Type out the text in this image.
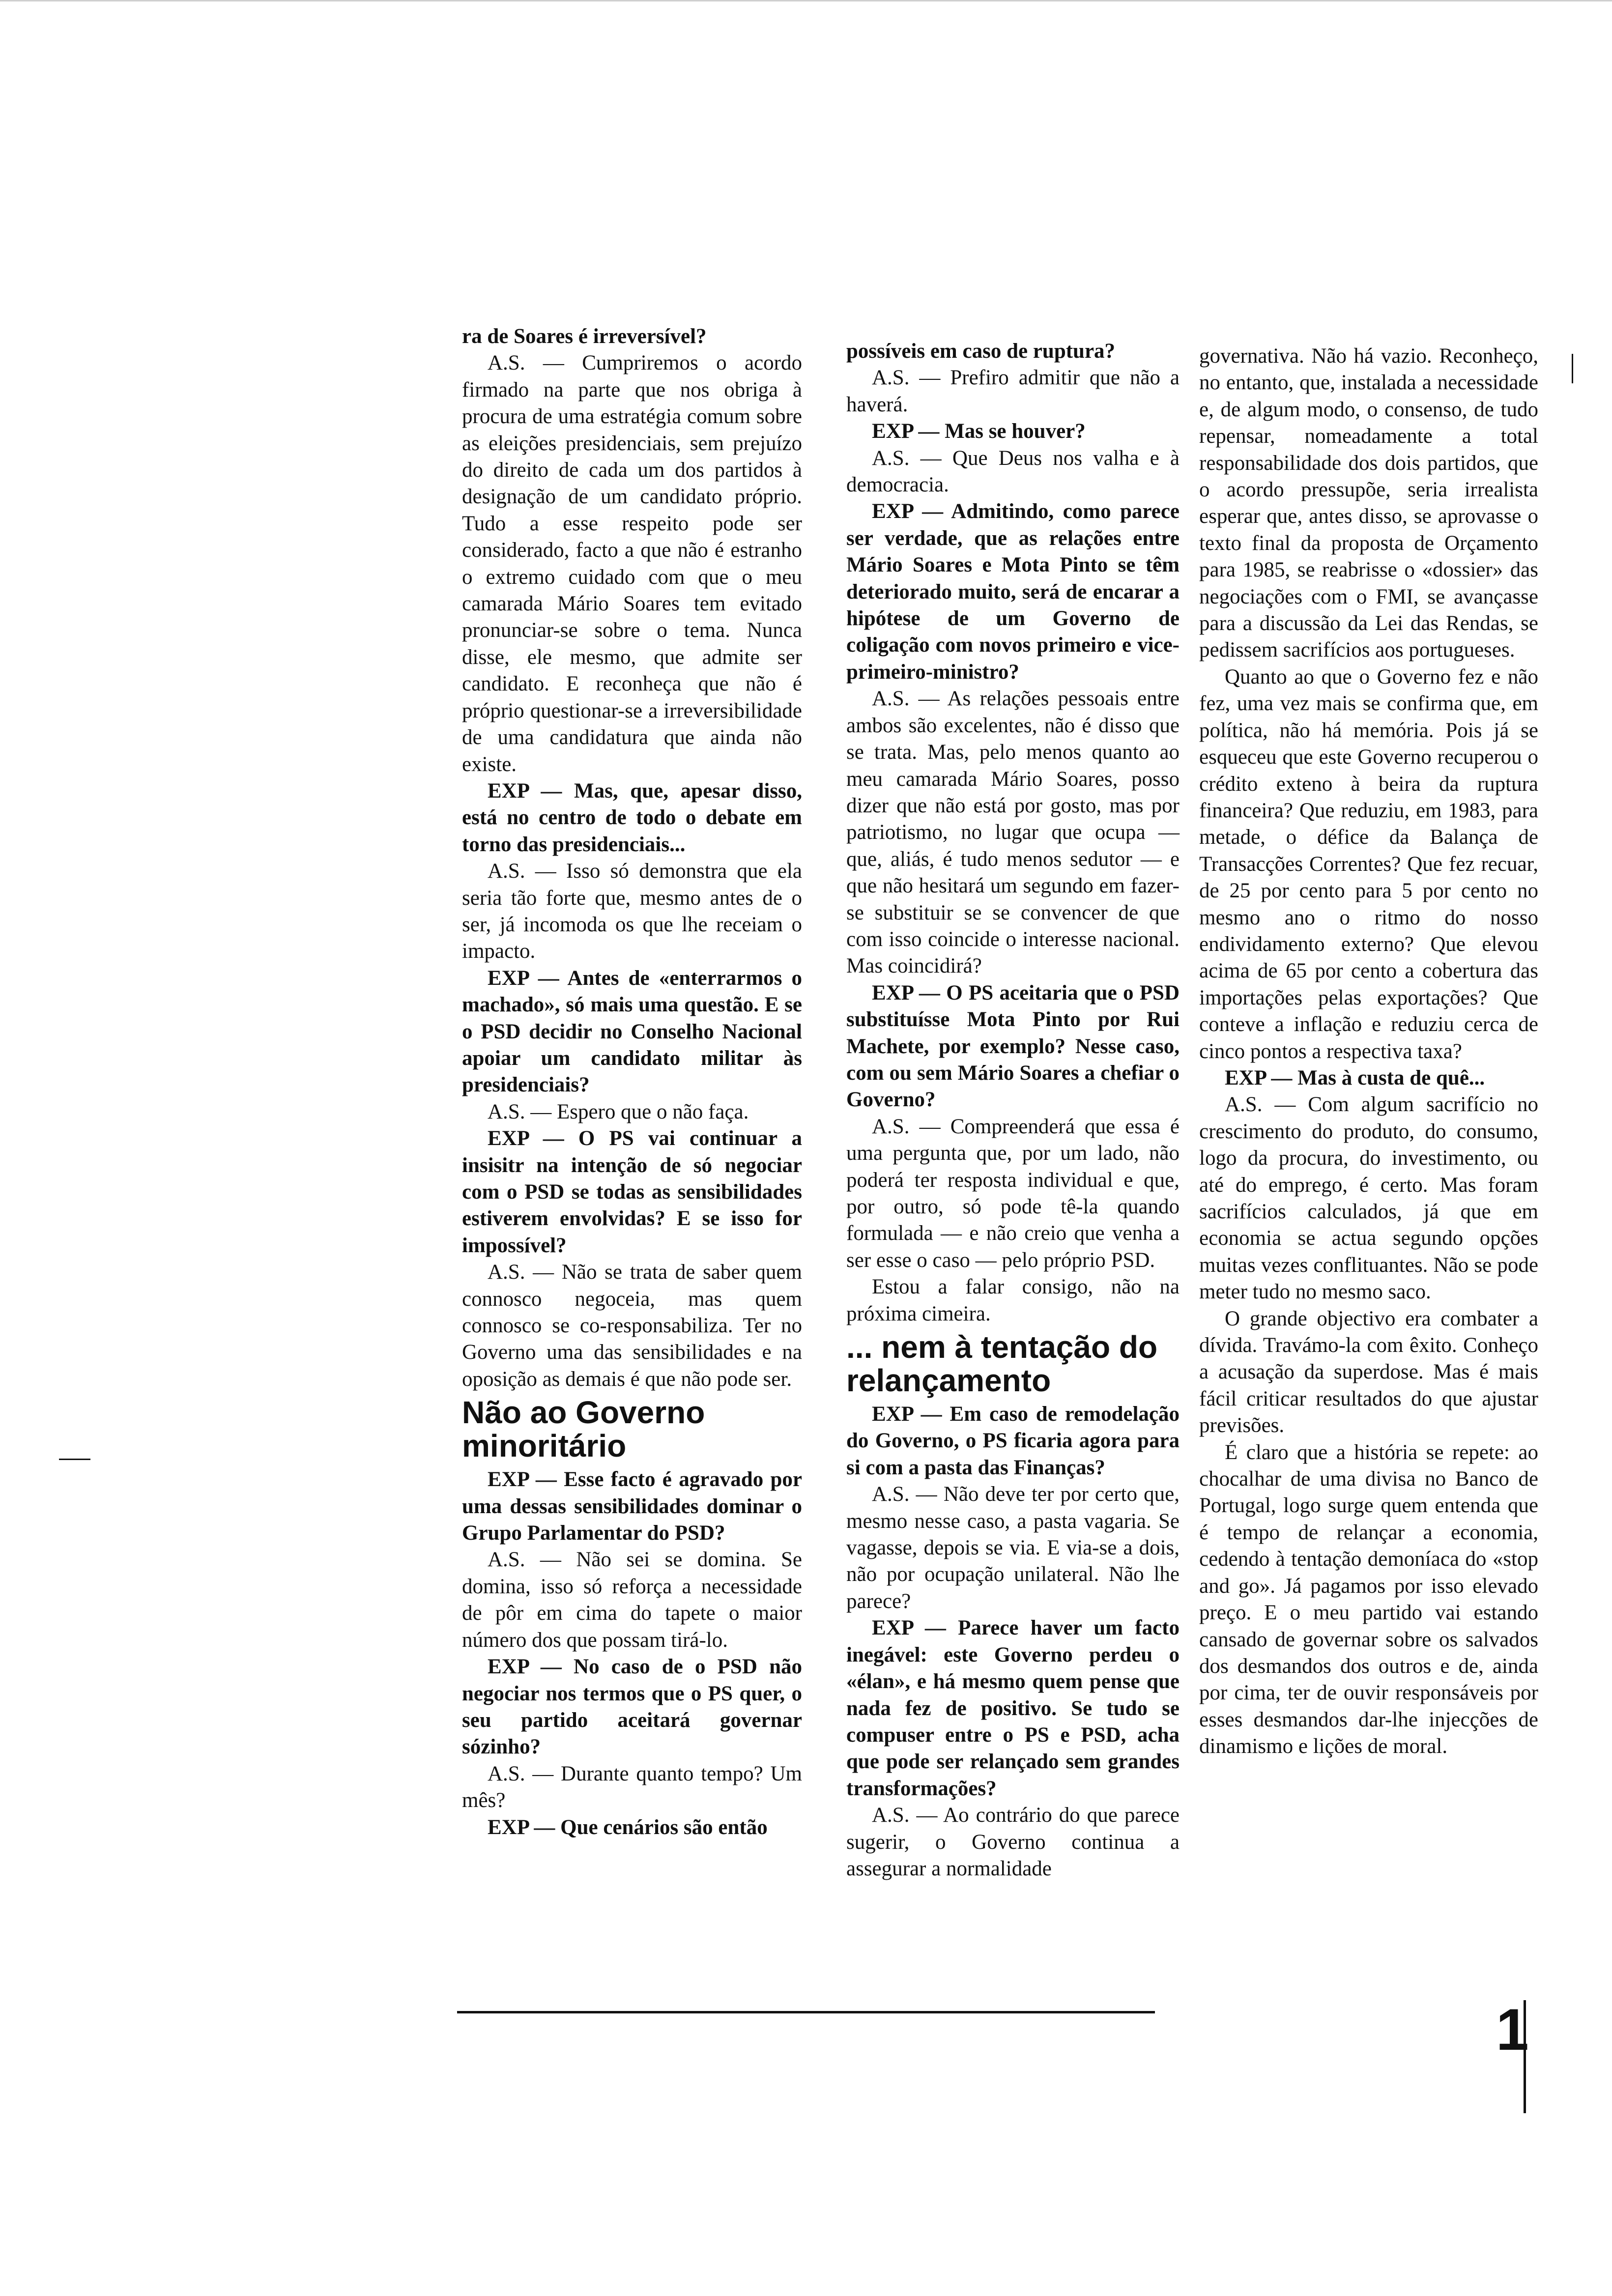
ra de Soares é irreversível?

A.S. — Cumpriremos o acordo firmado na parte que nos obriga à procura de uma estratégia comum sobre as eleições presidenciais, sem prejuízo do direito de cada um dos partidos à designação de um candidato próprio. Tudo a esse respeito pode ser considerado, facto a que não é estranho o extremo cuidado com que o meu camarada Mário Soares tem evitado pronunciar-se sobre o tema. Nunca disse, ele mesmo, que admite ser candidato. E reconheça que não é próprio questionar-se a irreversibilidade de uma candidatura que ainda não existe.

EXP — Mas, que, apesar disso, está no centro de todo o debate em torno das presidenciais...

A.S. — Isso só demonstra que ela seria tão forte que, mesmo antes de o ser, já incomoda os que lhe receiam o impacto.

EXP — Antes de «enterrarmos o machado», só mais uma questão. E se o PSD decidir no Conselho Nacional apoiar um candidato militar às presidenciais?

A.S. — Espero que o não faça.

EXP — O PS vai continuar a insisitr na intenção de só negociar com o PSD se todas as sensibilidades estiverem envolvidas? E se isso for impossível?

A.S. — Não se trata de saber quem connosco negoceia, mas quem connosco se co-responsabiliza. Ter no Governo uma das sensibilidades e na oposição as demais é que não pode ser.

Não ao Governo minoritário

EXP — Esse facto é agravado por uma dessas sensibilidades dominar o Grupo Parlamentar do PSD?

A.S. — Não sei se domina. Se domina, isso só reforça a necessidade de pôr em cima do tapete o maior número dos que possam tirá-lo.

EXP — No caso de o PSD não negociar nos termos que o PS quer, o seu partido aceitará governar sózinho?

A.S. — Durante quanto tempo? Um mês?

EXP — Que cenários são então

possíveis em caso de ruptura?

A.S. — Prefiro admitir que não a haverá.

EXP — Mas se houver?

A.S. — Que Deus nos valha e à democracia.

EXP — Admitindo, como parece ser verdade, que as relações entre Mário Soares e Mota Pinto se têm deteriorado muito, será de encarar a hipótese de um Governo de coligação com novos primeiro e vice-primeiro-ministro?

A.S. — As relações pessoais entre ambos são excelentes, não é disso que se trata. Mas, pelo menos quanto ao meu camarada Mário Soares, posso dizer que não está por gosto, mas por patriotismo, no lugar que ocupa — que, aliás, é tudo menos sedutor — e que não hesitará um segundo em fazer-se substituir se se convencer de que com isso coincide o interesse nacional. Mas coincidirá?

EXP — O PS aceitaria que o PSD substituísse Mota Pinto por Rui Machete, por exemplo? Nesse caso, com ou sem Mário Soares a chefiar o Governo?

A.S. — Compreenderá que essa é uma pergunta que, por um lado, não poderá ter resposta individual e que, por outro, só pode tê-la quando formulada — e não creio que venha a ser esse o caso — pelo próprio PSD.

Estou a falar consigo, não na próxima cimeira.

... nem à tentação do relançamento

EXP — Em caso de remodelação do Governo, o PS ficaria agora para si com a pasta das Finanças?

A.S. — Não deve ter por certo que, mesmo nesse caso, a pasta vagaria. Se vagasse, depois se via. E via-se a dois, não por ocupação unilateral. Não lhe parece?

EXP — Parece haver um facto inegável: este Governo perdeu o «élan», e há mesmo quem pense que nada fez de positivo. Se tudo se compuser entre o PS e PSD, acha que pode ser relançado sem grandes transformações?

A.S. — Ao contrário do que parece sugerir, o Governo continua a assegurar a normalidade

governativa. Não há vazio. Reconheço, no entanto, que, instalada a necessidade e, de algum modo, o consenso, de tudo repensar, nomeadamente a total responsabilidade dos dois partidos, que o acordo pressupõe, seria irrealista esperar que, antes disso, se aprovasse o texto final da proposta de Orçamento para 1985, se reabrisse o «dossier» das negociações com o FMI, se avançasse para a discussão da Lei das Rendas, se pedissem sacrifícios aos portugueses.

Quanto ao que o Governo fez e não fez, uma vez mais se confirma que, em política, não há memória. Pois já se esqueceu que este Governo recuperou o crédito exteno à beira da ruptura financeira? Que reduziu, em 1983, para metade, o défice da Balança de Transacções Correntes? Que fez recuar, de 25 por cento para 5 por cento no mesmo ano o ritmo do nosso endividamento externo? Que elevou acima de 65 por cento a cobertura das importações pelas exportações? Que conteve a inflação e reduziu cerca de cinco pontos a respectiva taxa?

EXP — Mas à custa de quê...

A.S. — Com algum sacrifício no crescimento do produto, do consumo, logo da procura, do investimento, ou até do emprego, é certo. Mas foram sacrifícios calculados, já que em economia se actua segundo opções muitas vezes conflituantes. Não se pode meter tudo no mesmo saco.

O grande objectivo era combater a dívida. Travámo-la com êxito. Conheço a acusação da superdose. Mas é mais fácil criticar resultados do que ajustar previsões.

É claro que a história se repete: ao chocalhar de uma divisa no Banco de Portugal, logo surge quem entenda que é tempo de relançar a economia, cedendo à tentação demoníaca do «stop and go». Já pagamos por isso elevado preço. E o meu partido vai estando cansado de governar sobre os salvados dos desmandos dos outros e de, ainda por cima, ter de ouvir responsáveis por esses desmandos dar-lhe injecções de dinamismo e lições de moral.

1
